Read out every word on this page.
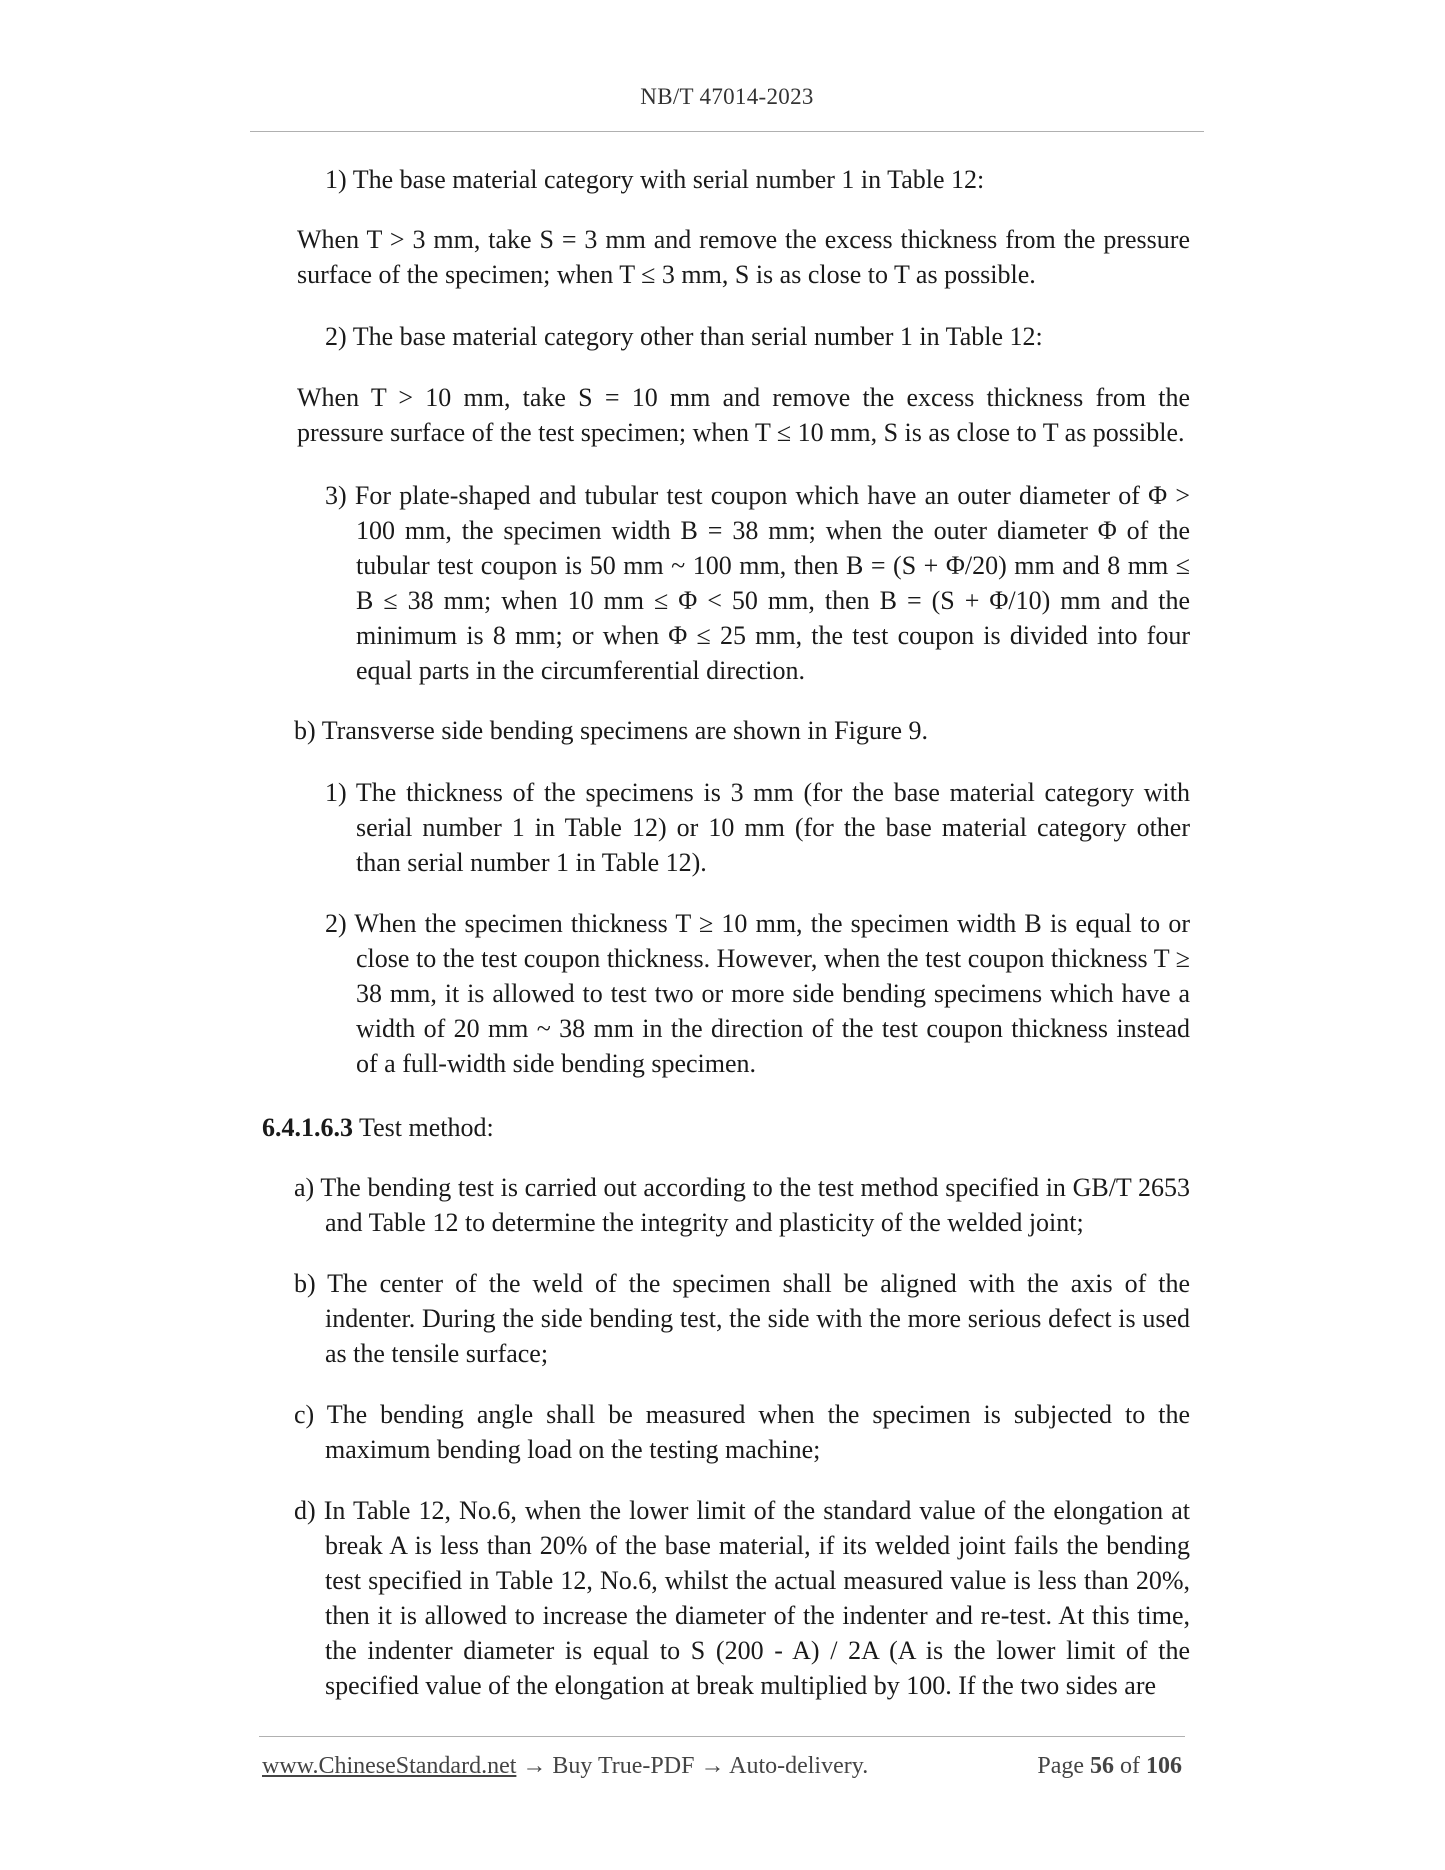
NB/T 47014-2023

1) The base material category with serial number 1 in Table 12:

When T > 3 mm, take S = 3 mm and remove the excess thickness from the pressure surface of the specimen; when T ≤ 3 mm, S is as close to T as possible.

2) The base material category other than serial number 1 in Table 12:

When T > 10 mm, take S = 10 mm and remove the excess thickness from the pressure surface of the test specimen; when T ≤ 10 mm, S is as close to T as possible.

3) For plate-shaped and tubular test coupon which have an outer diameter of Φ > 100 mm, the specimen width B = 38 mm; when the outer diameter Φ of the tubular test coupon is 50 mm ~ 100 mm, then B = (S + Φ/20) mm and 8 mm ≤ B ≤ 38 mm; when 10 mm ≤ Φ < 50 mm, then B = (S + Φ/10) mm and the minimum is 8 mm; or when Φ ≤ 25 mm, the test coupon is divided into four equal parts in the circumferential direction.

b) Transverse side bending specimens are shown in Figure 9.

1) The thickness of the specimens is 3 mm (for the base material category with serial number 1 in Table 12) or 10 mm (for the base material category other than serial number 1 in Table 12).

2) When the specimen thickness T ≥ 10 mm, the specimen width B is equal to or close to the test coupon thickness. However, when the test coupon thickness T ≥ 38 mm, it is allowed to test two or more side bending specimens which have a width of 20 mm ~ 38 mm in the direction of the test coupon thickness instead of a full-width side bending specimen.

6.4.1.6.3 Test method:

a) The bending test is carried out according to the test method specified in GB/T 2653 and Table 12 to determine the integrity and plasticity of the welded joint;

b) The center of the weld of the specimen shall be aligned with the axis of the indenter. During the side bending test, the side with the more serious defect is used as the tensile surface;

c) The bending angle shall be measured when the specimen is subjected to the maximum bending load on the testing machine;

d) In Table 12, No.6, when the lower limit of the standard value of the elongation at break A is less than 20% of the base material, if its welded joint fails the bending test specified in Table 12, No.6, whilst the actual measured value is less than 20%, then it is allowed to increase the diameter of the indenter and re-test. At this time, the indenter diameter is equal to S (200 - A) / 2A (A is the lower limit of the specified value of the elongation at break multiplied by 100. If the two sides are

www.ChineseStandard.net → Buy True-PDF → Auto-delivery.	Page 56 of 106
